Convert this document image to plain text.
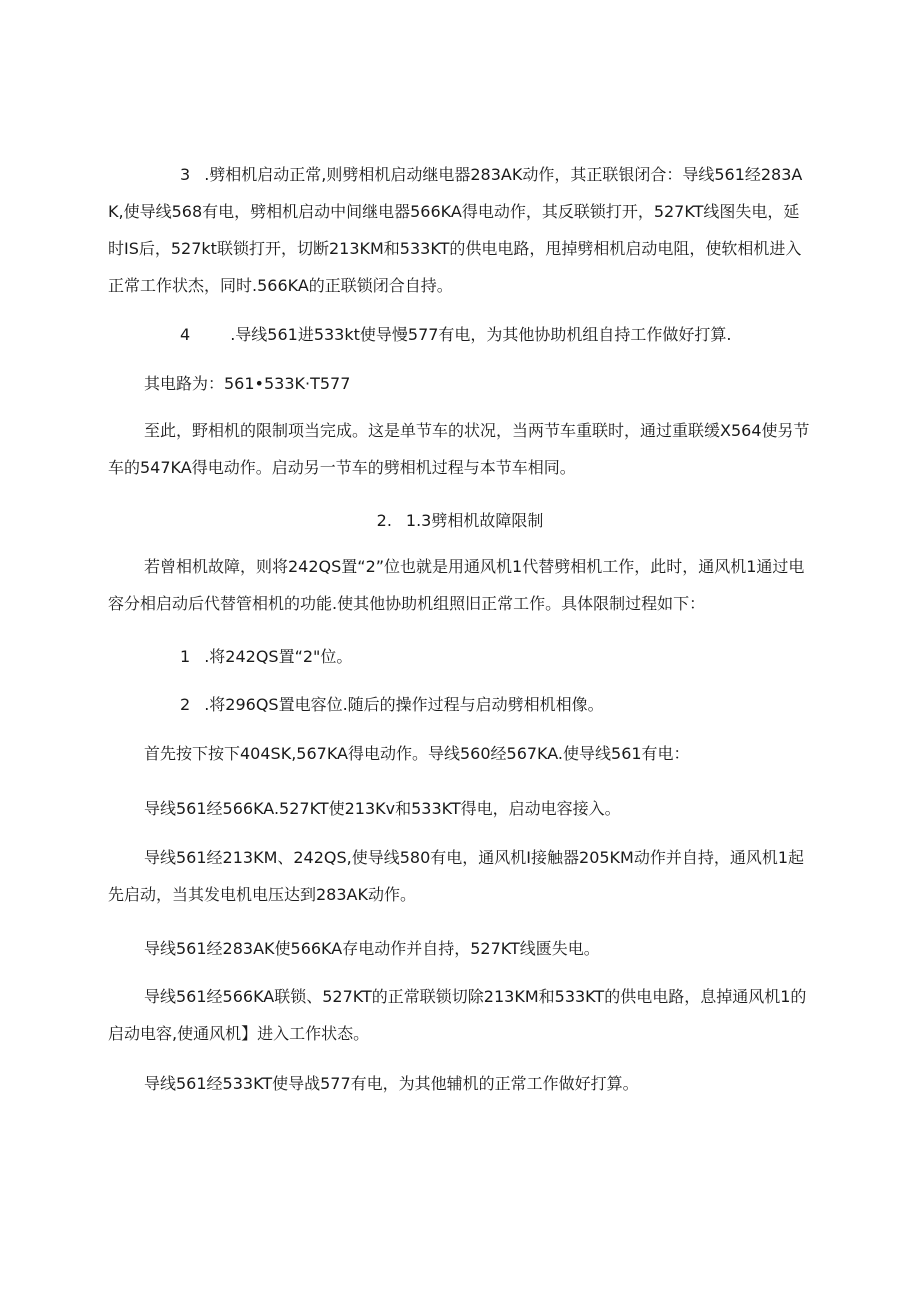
3 .劈相机启动正常,则劈相机启动继电器283AK动作，其正联银闭合：导线561经283AK,使导线568有电，劈相机启动中间继电器566KA得电动作，其反联锁打开，527KT线图失电，延时IS后，527kt联锁打开，切断213KM和533KT的供电电路，甩掉劈相机启动电阻，使软相机进入正常工作状杰，同时.566KA的正联锁闭合自持。

4	.导线561进533kt使导慢577有电，为其他协助机组自持工作做好打算.

其电路为：561•533K·T577

至此，野相机的限制项当完成。这是单节车的状况，当两节车重联时，通过重联缓X564使另节车的547KA得电动作。启动另一节车的劈相机过程与本节车相同。

2. 1.3劈相机故障限制

若曾相机故障，则将242QS置“2”位也就是用通风机1代替劈相机工作，此时，通风机1通过电容分相启动后代替管相机的功能.使其他协助机组照旧正常工作。具体限制过程如下：

1 .将242QS置“2"位。

2 .将296QS置电容位.随后的操作过程与启动劈相机相像。

首先按下按下404SK,567KA得电动作。导线560经567KA.使导线561有电：

导线561经566KA.527KT使213Kv和533KT得电，启动电容接入。

导线561经213KM、242QS,使导线580有电，通风机I接触器205KM动作并自持，通风机1起先启动，当其发电机电压达到283AK动作。

导线561经283AK使566KA存电动作并自持，527KT线匮失电。

导线561经566KA联锁、527KT的正常联锁切除213KM和533KT的供电电路，息掉通风机1的启动电容,使通风机】进入工作状态。

导线561经533KT使导战577有电，为其他辅机的正常工作做好打算。
